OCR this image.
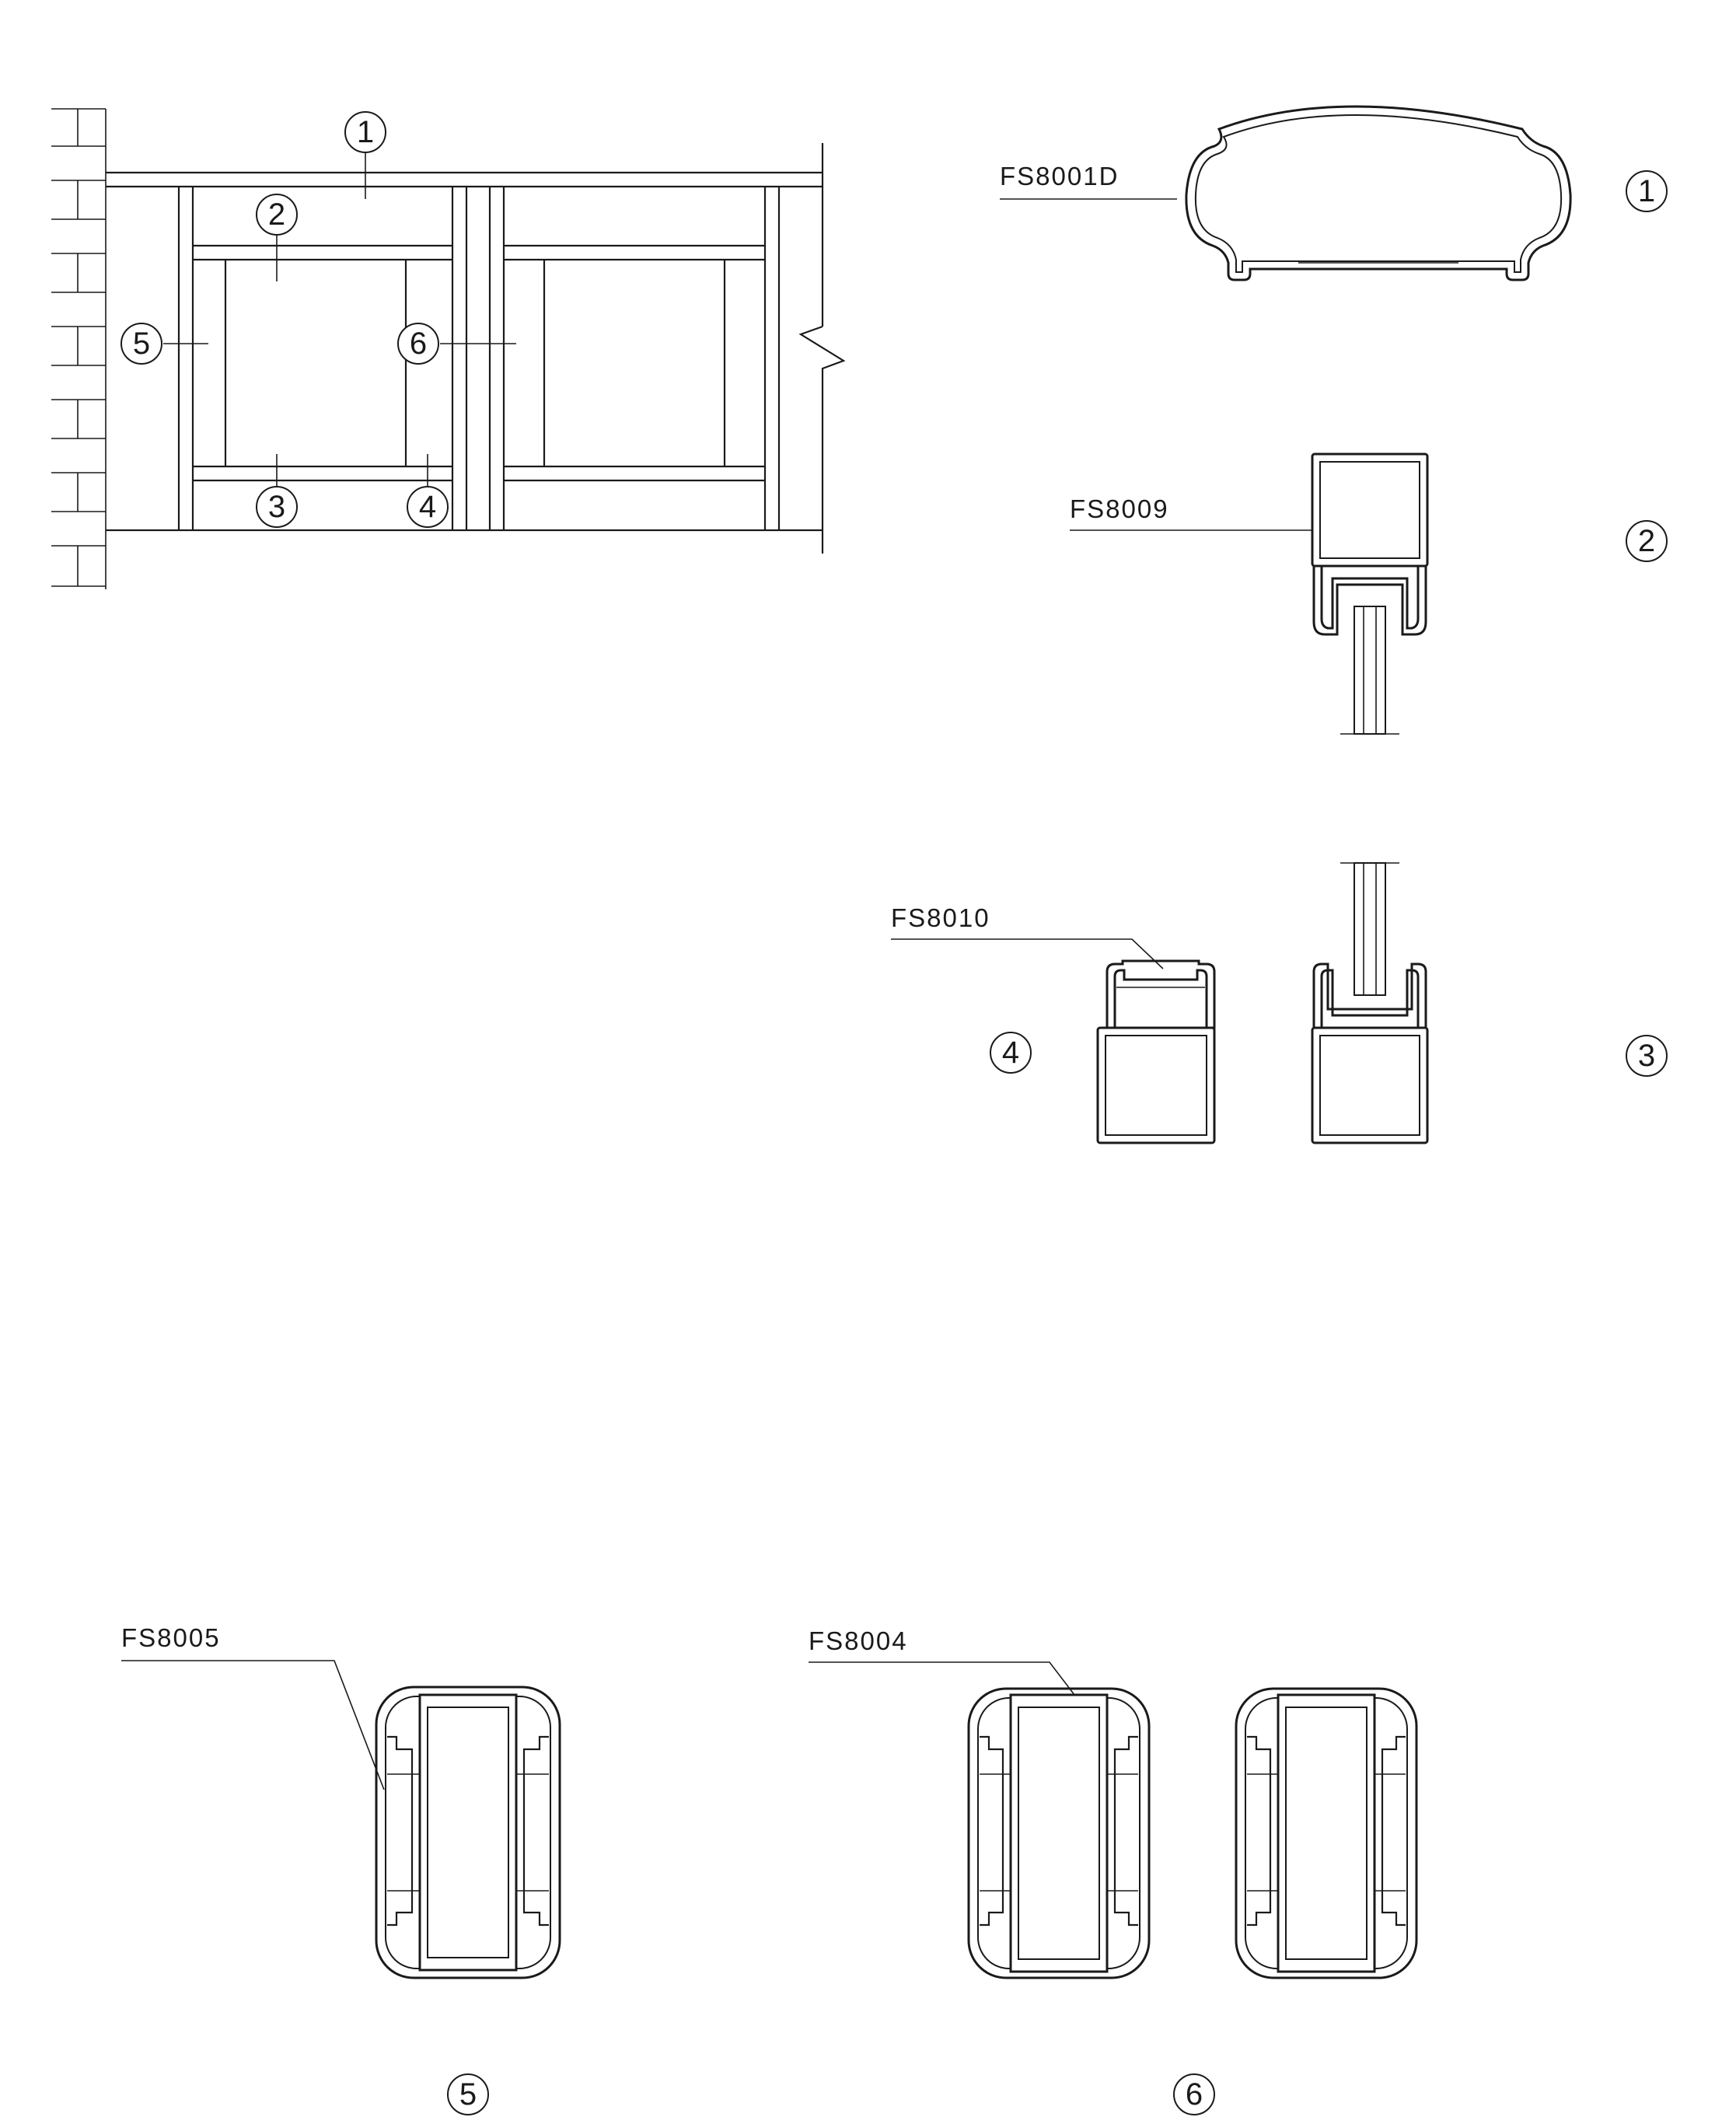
1
2
5	6
3	4
FS8001D	1
FS8009
2
3
FS8010
4
FS8005
5
FS8004
6
